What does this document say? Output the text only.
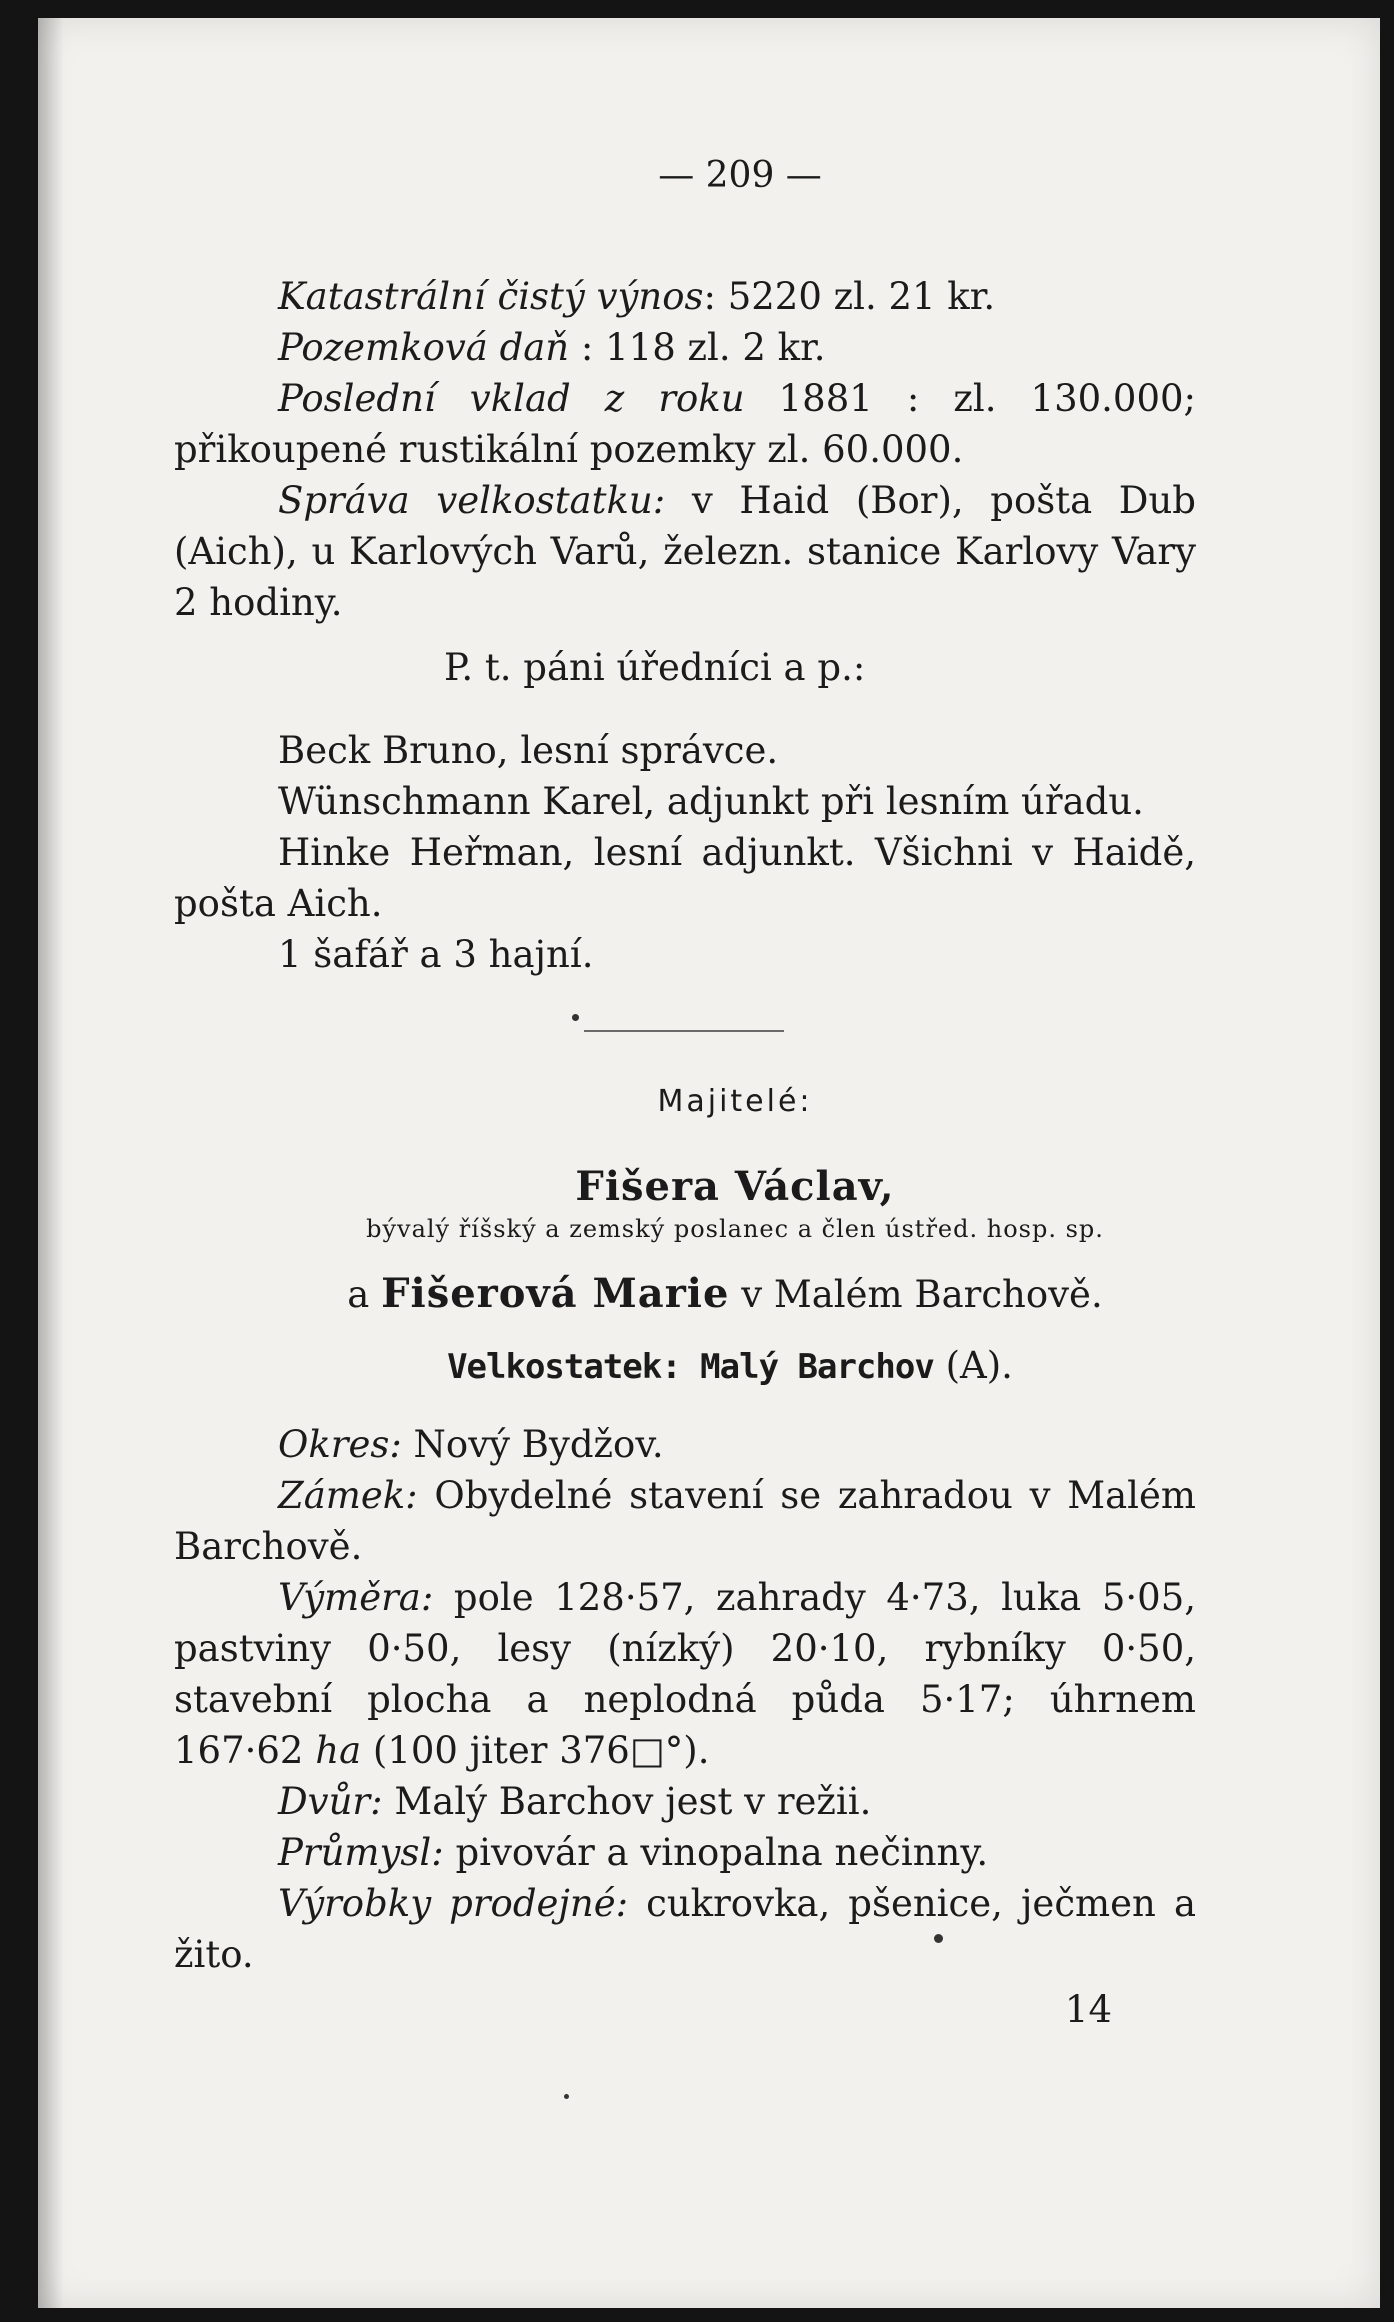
— 209 —

Katastrální čistý výnos: 5220 zl. 21 kr.

Pozemková daň : 118 zl. 2 kr.

Poslední vklad z roku 1881 : zl. 130.000; přikoupené rustikální pozemky zl. 60.000.

Správa velkostatku: v Haid (Bor), pošta Dub (Aich), u Karlových Varů, železn. stanice Karlovy Vary 2 hodiny.

P. t. páni úředníci a p.:

Beck Bruno, lesní správce.

Wünschmann Karel, adjunkt při lesním úřadu.

Hinke Heřman, lesní adjunkt. Všichni v Haidě, pošta Aich.

1 šafář a 3 hajní.

Majitelé:
Fišera Václav,
bývalý říšský a zemský poslanec a člen ústřed. hosp. sp.
a Fišerová Marie v Malém Barchově.
Velkostatek: Malý Barchov (A).

Okres: Nový Bydžov.

Zámek: Obydelné stavení se zahradou v Malém Barchově.

Výměra: pole 128·57, zahrady 4·73, luka 5·05, pastviny 0·50, lesy (nízký) 20·10, rybníky 0·50, stavební plocha a neplodná půda 5·17; úhrnem 167·62 ha (100 jiter 376□°).

Dvůr: Malý Barchov jest v režii.

Průmysl: pivovár a vinopalna nečinny.

Výrobky prodejné: cukrovka, pšenice, ječmen a žito.

14
